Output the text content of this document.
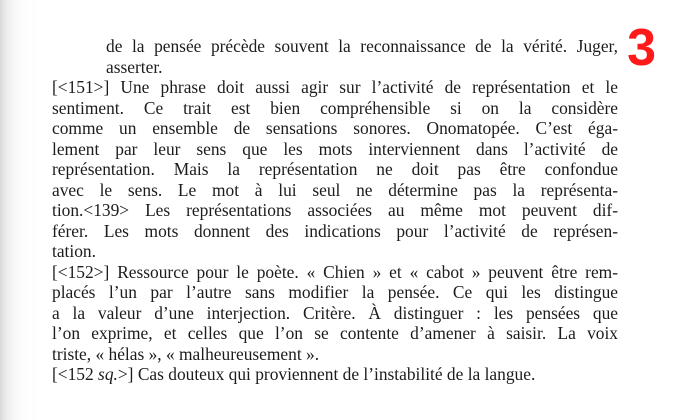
3

de la pensée précède souvent la reconnaissance de la vérité. Juger,
asserter.

[<151>] Une phrase doit aussi agir sur l’activité de représentation et le
sentiment. Ce trait est bien compréhensible si on la considère
comme un ensemble de sensations sonores. Onomatopée. C’est éga-
lement par leur sens que les mots interviennent dans l’activité de
représentation. Mais la représentation ne doit pas être confondue
avec le sens. Le mot à lui seul ne détermine pas la représenta-
tion.<139> Les représentations associées au même mot peuvent dif-
férer. Les mots donnent des indications pour l’activité de représen-
tation.

[<152>] Ressource pour le poète. « Chien » et « cabot » peuvent être rem-
placés l’un par l’autre sans modifier la pensée. Ce qui les distingue
a la valeur d’une interjection. Critère. À distinguer : les pensées que
l’on exprime, et celles que l’on se contente d’amener à saisir. La voix
triste, « hélas », « malheureusement ».

[<152 sq.>] Cas douteux qui proviennent de l’instabilité de la langue.
